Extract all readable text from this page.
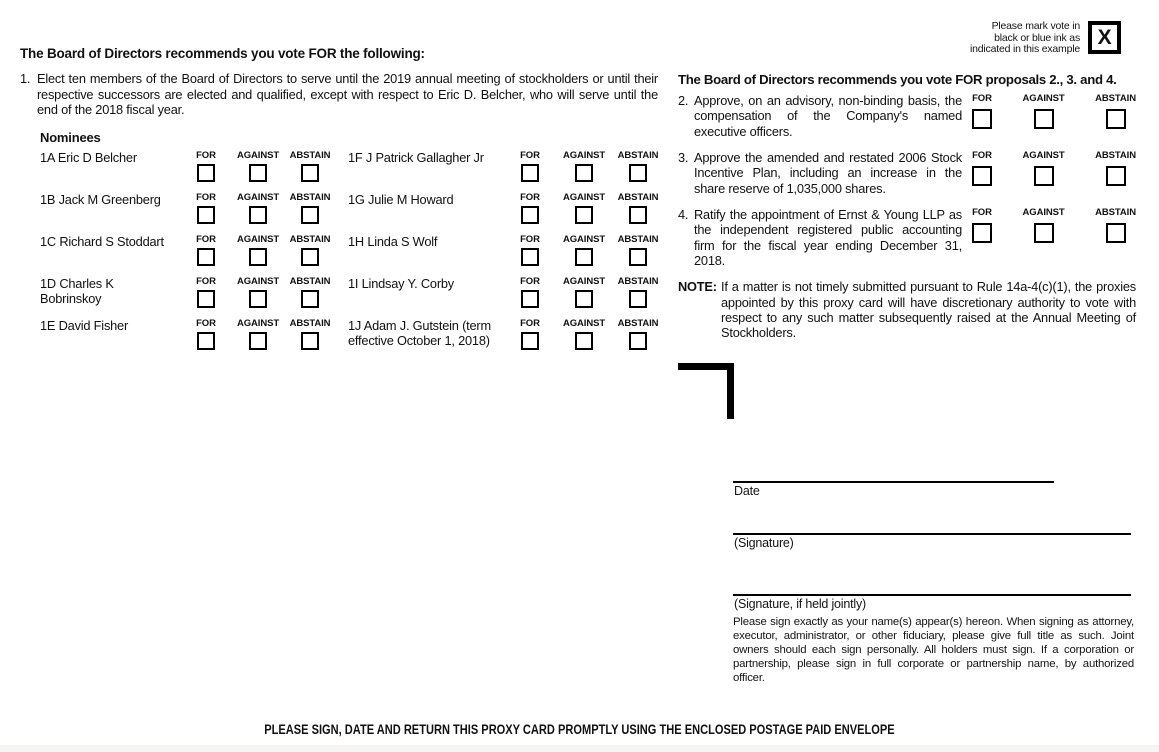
Please mark vote in
black or blue ink as
indicated in this example
X
The Board of Directors recommends you vote FOR the following:
1. Elect ten members of the Board of Directors to serve until the 2019 annual meeting of stockholders or until their respective successors are elected and qualified, except with respect to Eric D. Belcher, who will serve until the end of the 2018 fiscal year.
Nominees
1A Eric D Belcher	FOR AGAINST ABSTAIN
1B Jack M Greenberg	FOR AGAINST ABSTAIN
1C Richard S Stoddart	FOR AGAINST ABSTAIN
1D Charles K Bobrinskoy
FOR AGAINST ABSTAIN
1E David Fisher	FOR AGAINST ABSTAIN
1F J Patrick Gallagher Jr	FOR AGAINST ABSTAIN
1G Julie M Howard	FOR AGAINST ABSTAIN
1H Linda S Wolf	FOR AGAINST ABSTAIN
1I Lindsay Y. Corby	FOR AGAINST ABSTAIN
1J Adam J. Gutstein (term effective October 1, 2018)
FOR AGAINST ABSTAIN
The Board of Directors recommends you vote FOR proposals 2., 3. and 4.
2. Approve, on an advisory, non-binding basis, the compensation of the Company's named executive officers.
FOR	AGAINST	ABSTAIN
3. Approve the amended and restated 2006 Stock Incentive Plan, including an increase in the share reserve of 1,035,000 shares.
FOR	AGAINST	ABSTAIN
4. Ratify the appointment of Ernst & Young LLP as the independent registered public accounting firm for the fiscal year ending December 31, 2018.
FOR	AGAINST	ABSTAIN
NOTE: If a matter is not timely submitted pursuant to Rule 14a-4(c)(1), the proxies appointed by this proxy card will have discretionary authority to vote with respect to any such matter subsequently raised at the Annual Meeting of Stockholders.
Date
(Signature)
(Signature, if held jointly)
Please sign exactly as your name(s) appear(s) hereon. When signing as attorney, executor, administrator, or other fiduciary, please give full title as such. Joint owners should each sign personally. All holders must sign. If a corporation or partnership, please sign in full corporate or partnership name, by authorized officer.
PLEASE SIGN, DATE AND RETURN THIS PROXY CARD PROMPTLY USING THE ENCLOSED POSTAGE PAID ENVELOPE
